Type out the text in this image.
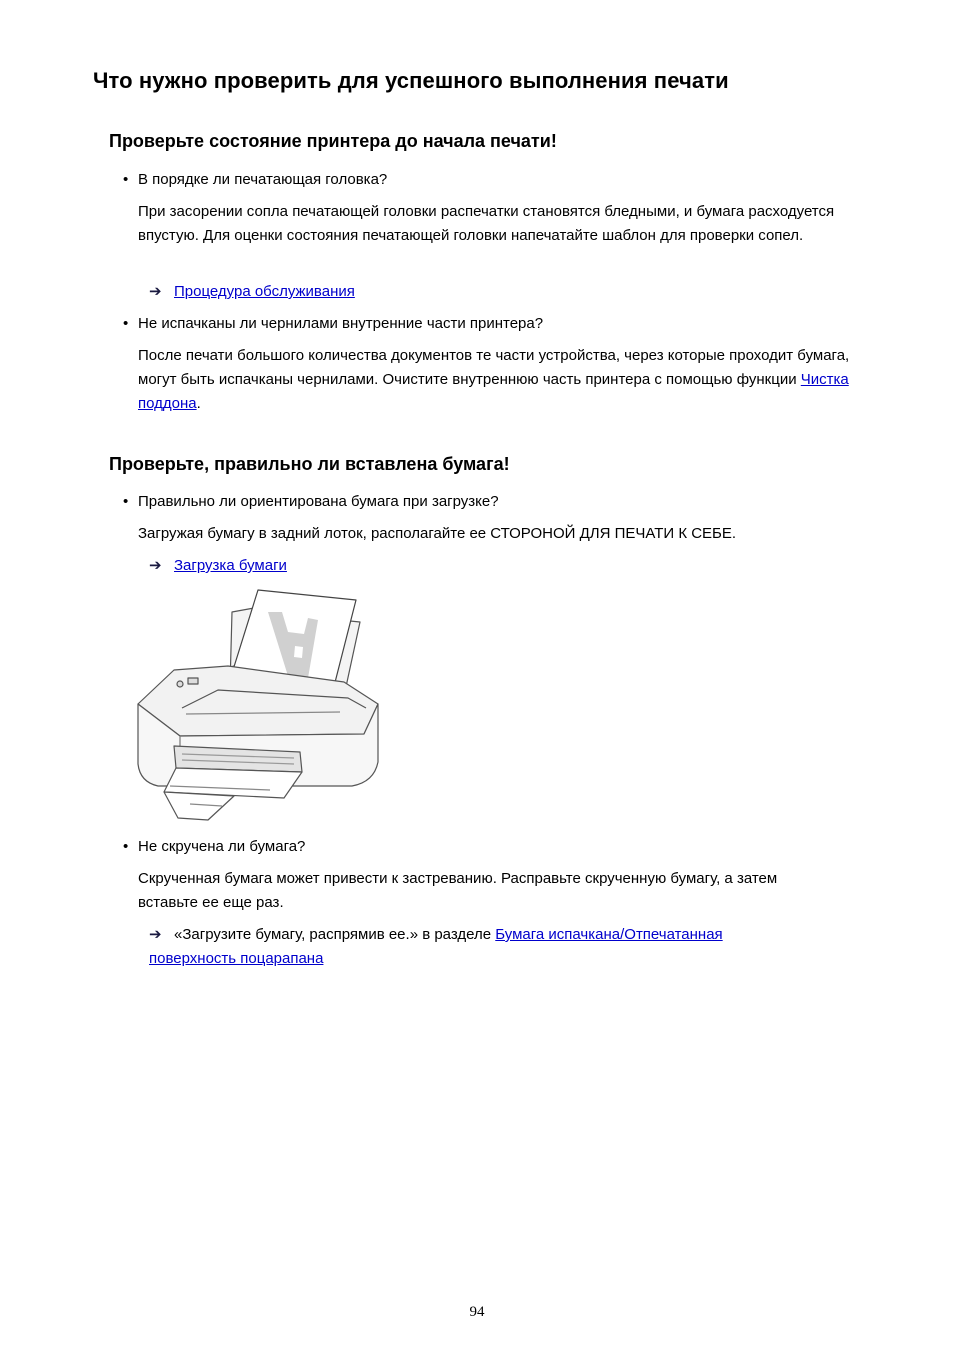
Что нужно проверить для успешного выполнения печати
Проверьте состояние принтера до начала печати!
• В порядке ли печатающая головка?
При засорении сопла печатающей головки распечатки становятся бледными, и бумага расходуется впустую. Для оценки состояния печатающей головки напечатайте шаблон для проверки сопел.
➔ Процедура обслуживания
• Не испачканы ли чернилами внутренние части принтера?
После печати большого количества документов те части устройства, через которые проходит бумага, могут быть испачканы чернилами. Очистите внутреннюю часть принтера с помощью функции Чистка поддона.
Проверьте, правильно ли вставлена бумага!
• Правильно ли ориентирована бумага при загрузке?
Загружая бумагу в задний лоток, располагайте ее СТОРОНОЙ ДЛЯ ПЕЧАТИ К СЕБЕ.
➔ Загрузка бумаги
• Не скручена ли бумага?
Скрученная бумага может привести к застреванию. Расправьте скрученную бумагу, а затем вставьте ее еще раз.
➔ «Загрузите бумагу, распрямив ее.» в разделе Бумага испачкана/Отпечатанная поверхность поцарапана
94
